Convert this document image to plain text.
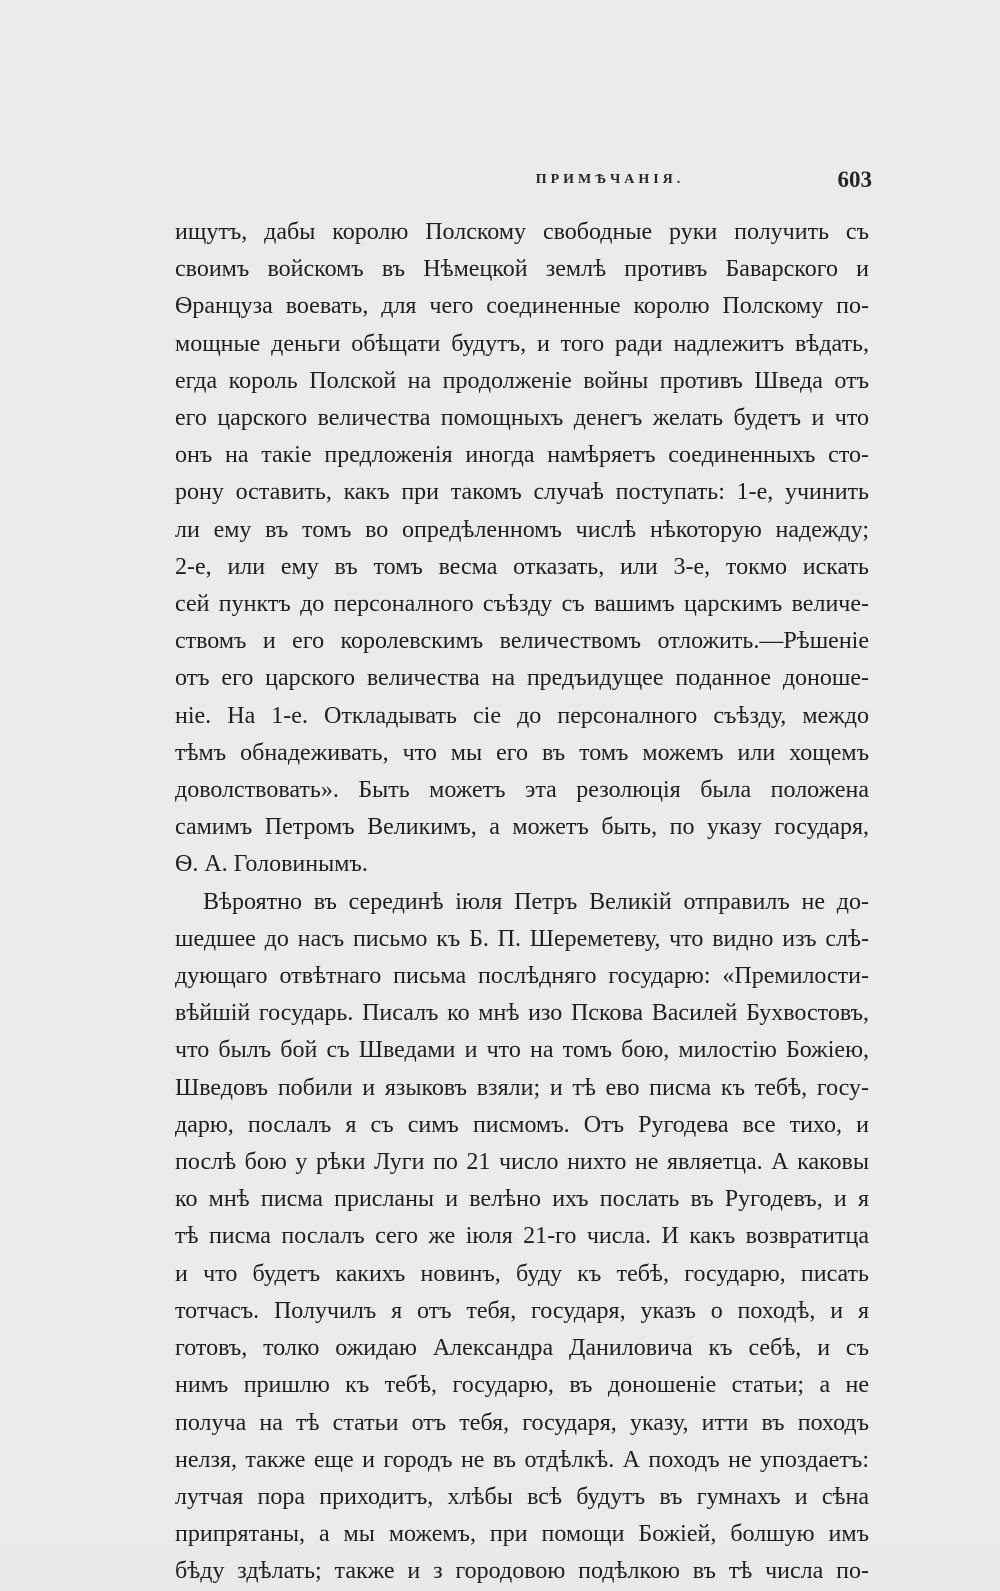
ПРИМѢЧАНІЯ.	603
ищутъ, дабы королю Полскому свободные руки получить съ
своимъ войскомъ въ Нѣмецкой землѣ противъ Баварского и
Ѳранцуза воевать, для чего соединенные королю Полскому по-
мощные деньги обѣщати будутъ, и того ради надлежитъ вѣдать,
егда король Полской на продолженіе войны противъ Шведа отъ
его царского величества помощныхъ денегъ желать будетъ и что
онъ на такіе предложенія иногда намѣряетъ соединенныхъ сто-
рону оставить, какъ при такомъ случаѣ поступать: 1-е, учинить
ли ему въ томъ во опредѣленномъ числѣ нѣкоторую надежду;
2-е, или ему въ томъ весма отказать, или 3-е, токмо искать
сей пунктъ до персоналного съѣзду съ вашимъ царскимъ величе-
ствомъ и его королевскимъ величествомъ отложить.—Рѣшеніе
отъ его царского величества на предъидущее поданное доноше-
ніе. На 1-е. Откладывать сіе до персоналного съѣзду, междо
тѣмъ обнадеживать, что мы его въ томъ можемъ или хощемъ
доволствовать». Быть можетъ эта резолюція была положена
самимъ Петромъ Великимъ, а можетъ быть, по указу государя,
Ѳ. А. Головинымъ.
Вѣроятно въ серединѣ іюля Петръ Великій отправилъ не до-
шедшее до насъ письмо къ Б. П. Шереметеву, что видно изъ слѣ-
дующаго отвѣтнаго письма послѣдняго государю: «Премилости-
вѣйшій государь. Писалъ ко мнѣ изо Пскова Василей Бухвостовъ,
что былъ бой съ Шведами и что на томъ бою, милостію Божіею,
Шведовъ побили и языковъ взяли; и тѣ ево писма къ тебѣ, госу-
дарю, послалъ я съ симъ писмомъ. Отъ Ругодева все тихо, и
послѣ бою у рѣки Луги по 21 число нихто не являетца. А каковы
ко мнѣ писма присланы и велѣно ихъ послать въ Ругодевъ, и я
тѣ писма послалъ сего же іюля 21-го числа. И какъ возвратитца
и что будетъ какихъ новинъ, буду къ тебѣ, государю, писать
тотчасъ. Получилъ я отъ тебя, государя, указъ о походѣ, и я
готовъ, толко ожидаю Александра Даниловича къ себѣ, и съ
нимъ пришлю къ тебѣ, государю, въ доношеніе статьи; а не
получа на тѣ статьи отъ тебя, государя, указу, итти въ походъ
нелзя, также еще и городъ не въ отдѣлкѣ. А походъ не упоздаетъ:
лутчая пора приходитъ, хлѣбы всѣ будутъ въ гумнахъ и сѣна
припрятаны, а мы можемъ, при помощи Божіей, болшую имъ
бѣду здѣлать; также и з городовою подѣлкою въ тѣ числа по-
